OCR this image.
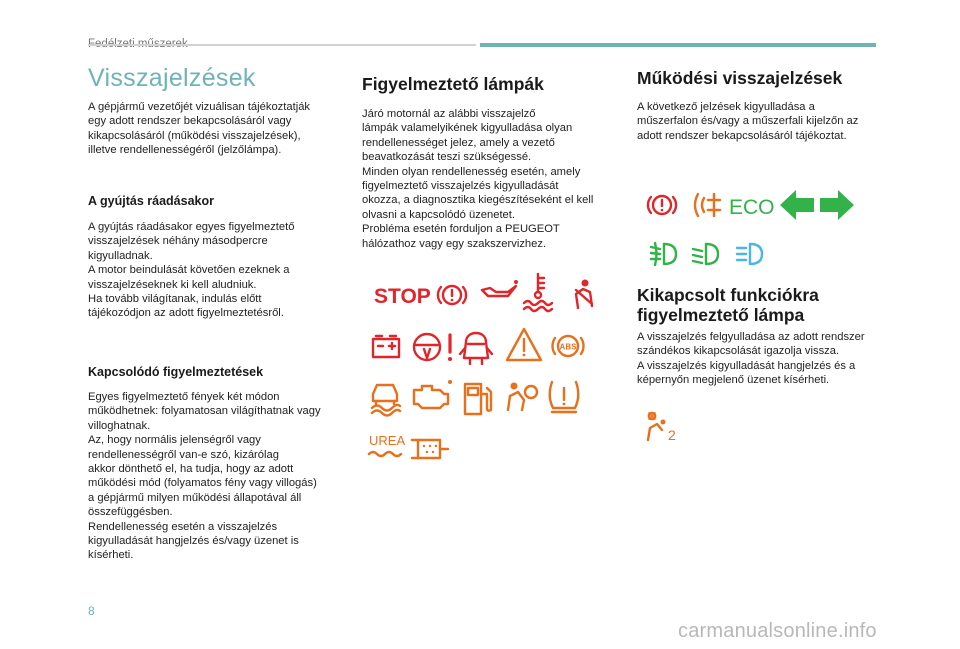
Visszajelzések
A gépjármű vezetőjét vizuálisan tájékoztatják
egy adott rendszer bekapcsolásáról vagy
kikapcsolásáról (működési visszajelzések),
illetve rendellenességéről (jelzőlámpa).
A gyújtás ráadásakor
A gyújtás ráadásakor egyes figyelmeztető
visszajelzések néhány másodpercre
kigyulladnak.
A motor beindulását követően ezeknek a
visszajelzéseknek ki kell aludniuk.
Ha tovább világítanak, indulás előtt
tájékozódjon az adott figyelmeztetésről.
Kapcsolódó figyelmeztetések
Egyes figyelmeztető fények két módon
működhetnek: folyamatosan világíthatnak vagy
villoghatnak.
Az, hogy normális jelenségről vagy
rendellenességről van-e szó, kizárólag
akkor dönthető el, ha tudja, hogy az adott
működési mód (folyamatos fény vagy villogás)
a gépjármű milyen működési állapotával áll
összefüggésben.
Rendellenesség esetén a visszajelzés
kigyulladását hangjelzés és/vagy üzenet is
kísérheti.
Figyelmeztető lámpák
Járó motornál az alábbi visszajelző
lámpák valamelyikének kigyulladása olyan
rendellenességet jelez, amely a vezető
beavatkozását teszi szükségessé.
Minden olyan rendellenesség esetén, amely
figyelmeztető visszajelzés kigyulladását
okozza, a diagnosztika kiegészítéseként el kell
olvasni a kapcsolódó üzenetet.
Probléma esetén forduljon a PEUGEOT
hálózathoz vagy egy szakszervizhez.
STOP
ABS
UREA
Működési visszajelzések
A következő jelzések kigyulladása a
műszerfalon és/vagy a műszerfali kijelzőn az
adott rendszer bekapcsolásáról tájékoztat.
ECO
Kikapcsolt funkciókra
figyelmeztető lámpa
A visszajelzés felgyulladása az adott rendszer
szándékos kikapcsolását igazolja vissza.
A visszajelzés kigyulladását hangjelzés és a
képernyőn megjelenő üzenet kísérheti.
2
8
carmanualsonline.info
